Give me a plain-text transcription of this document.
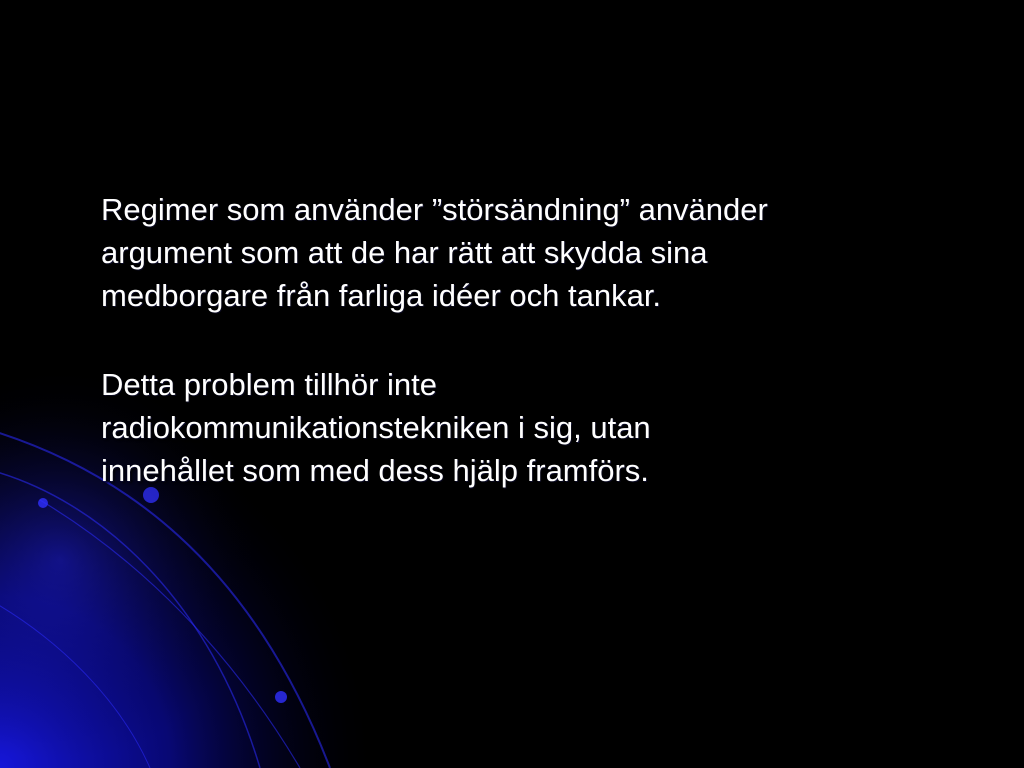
Regimer som använder ”störsändning” använder
argument som att de har rätt att skydda sina
medborgare från farliga idéer och tankar.

Detta problem tillhör inte
radiokommunikationstekniken i sig, utan
innehållet som med dess hjälp framförs.
